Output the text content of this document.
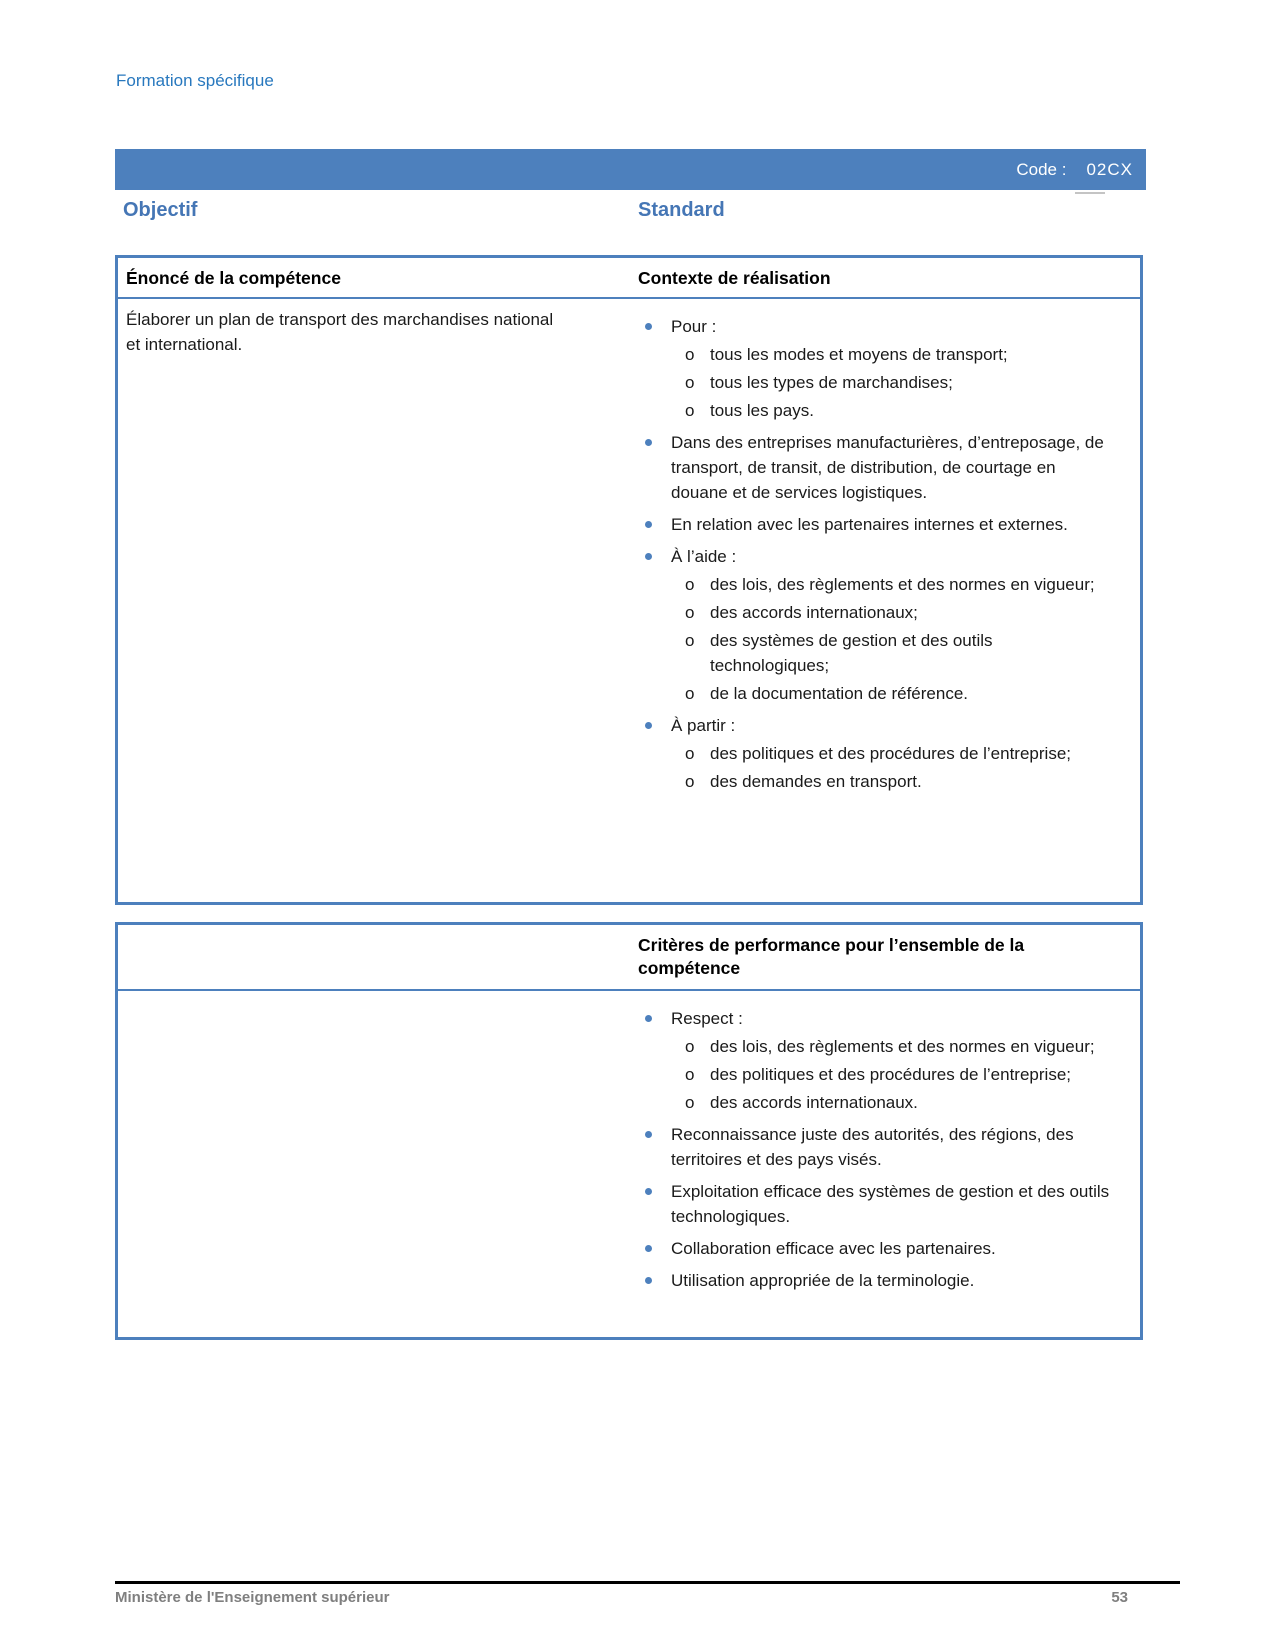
Formation spécifique
Code : 02CX
Objectif	Standard
Énoncé de la compétence	Contexte de réalisation
Élaborer un plan de transport des marchandises national et international.
Pour :
o tous les modes et moyens de transport;
o tous les types de marchandises;
o tous les pays.
Dans des entreprises manufacturières, d’entreposage, de transport, de transit, de distribution, de courtage en douane et de services logistiques.
En relation avec les partenaires internes et externes.
À l’aide :
o des lois, des règlements et des normes en vigueur;
o des accords internationaux;
o des systèmes de gestion et des outils technologiques;
o de la documentation de référence.
À partir :
o des politiques et des procédures de l’entreprise;
o des demandes en transport.
Critères de performance pour l’ensemble de la compétence
Respect :
o des lois, des règlements et des normes en vigueur;
o des politiques et des procédures de l’entreprise;
o des accords internationaux.
Reconnaissance juste des autorités, des régions, des territoires et des pays visés.
Exploitation efficace des systèmes de gestion et des outils technologiques.
Collaboration efficace avec les partenaires.
Utilisation appropriée de la terminologie.
Ministère de l'Enseignement supérieur	53
